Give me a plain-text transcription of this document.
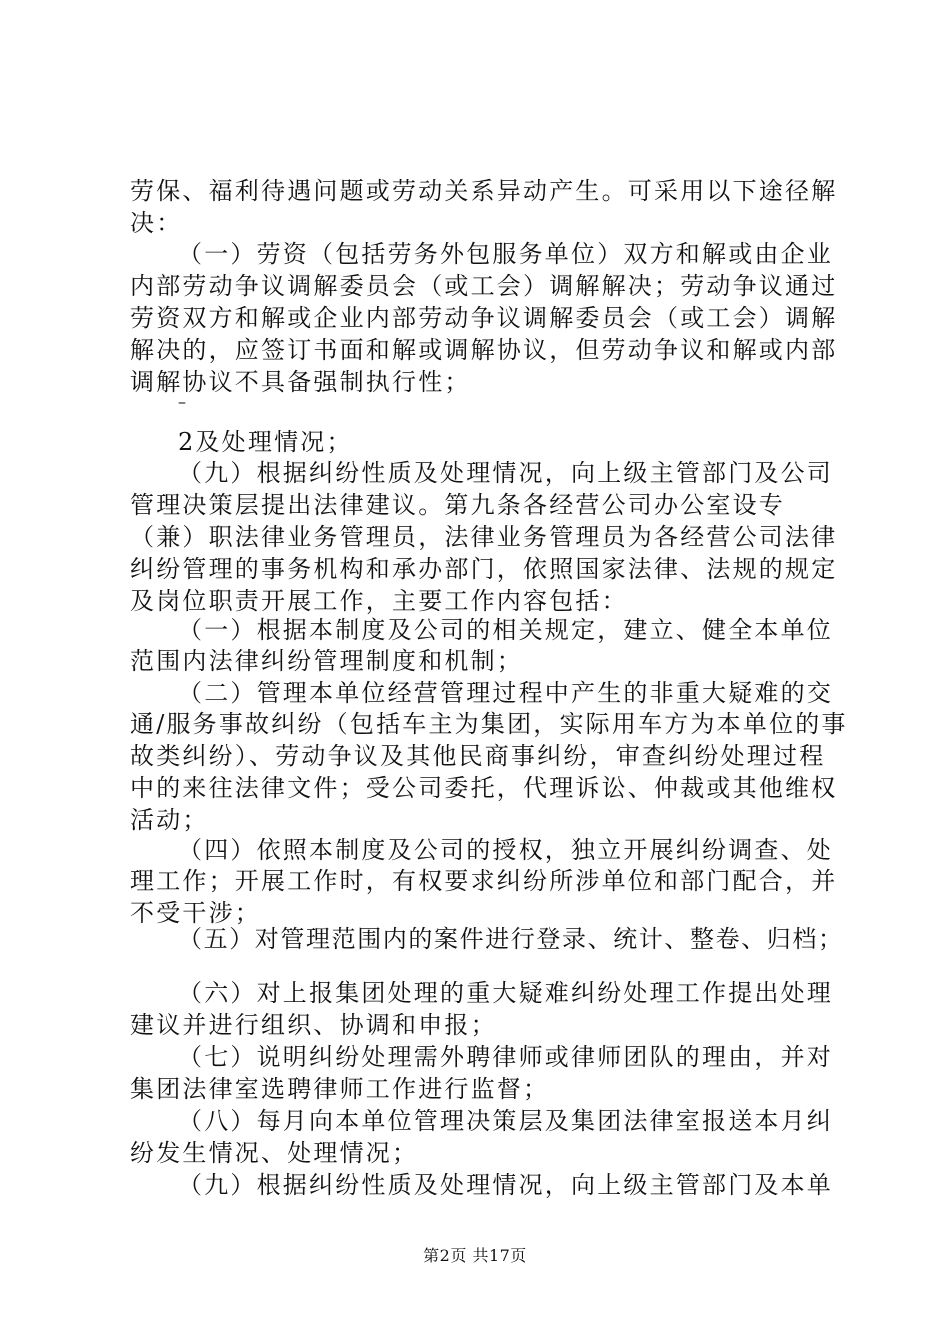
劳保、福利待遇问题或劳动关系异动产生。可采用以下途径解
决：
（一）劳资（包括劳务外包服务单位）双方和解或由企业
内部劳动争议调解委员会（或工会）调解解决；劳动争议通过
劳资双方和解或企业内部劳动争议调解委员会（或工会）调解
解决的，应签订书面和解或调解协议，但劳动争议和解或内部
调解协议不具备强制执行性；
–
2及处理情况；
（九）根据纠纷性质及处理情况，向上级主管部门及公司
管理决策层提出法律建议。第九条各经营公司办公室设专
（兼）职法律业务管理员，法律业务管理员为各经营公司法律
纠纷管理的事务机构和承办部门，依照国家法律、法规的规定
及岗位职责开展工作，主要工作内容包括：
（一）根据本制度及公司的相关规定，建立、健全本单位
范围内法律纠纷管理制度和机制；
（二）管理本单位经营管理过程中产生的非重大疑难的交
通/服务事故纠纷（包括车主为集团，实际用车方为本单位的事
故类纠纷）、劳动争议及其他民商事纠纷，审查纠纷处理过程
中的来往法律文件；受公司委托，代理诉讼、仲裁或其他维权
活动；
（四）依照本制度及公司的授权，独立开展纠纷调查、处
理工作；开展工作时，有权要求纠纷所涉单位和部门配合，并
不受干涉；
（五）对管理范围内的案件进行登录、统计、整卷、归档；
（六）对上报集团处理的重大疑难纠纷处理工作提出处理
建议并进行组织、协调和申报；
（七）说明纠纷处理需外聘律师或律师团队的理由，并对
集团法律室选聘律师工作进行监督；
（八）每月向本单位管理决策层及集团法律室报送本月纠
第2页 共17页
纷发生情况、处理情况；
（九）根据纠纷性质及处理情况，向上级主管部门及本单
